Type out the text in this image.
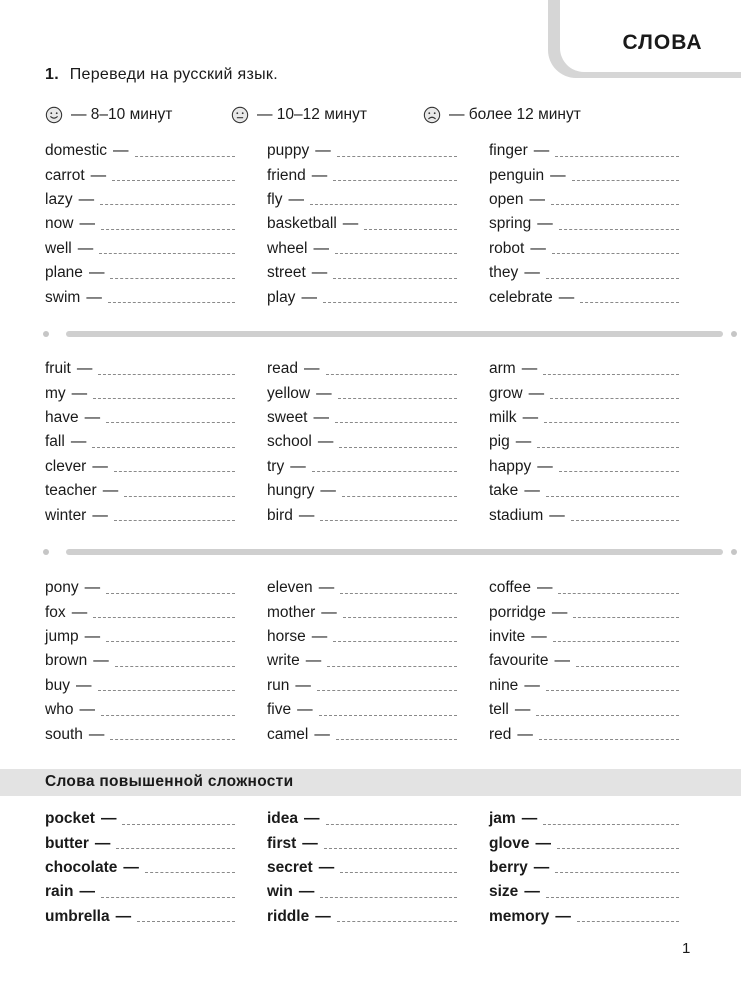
СЛОВА
1. Переведи на русский язык.
— 8–10 минут	— 10–12 минут	— более 12 минут
domestic —
carrot —
lazy —
now —
well —
plane —
swim —
puppy —
friend —
fly —
basketball —
wheel —
street —
play —
finger —
penguin —
open —
spring —
robot —
they —
celebrate —
fruit —
my —
have —
fall —
clever —
teacher —
winter —
read —
yellow —
sweet —
school —
try —
hungry —
bird —
arm —
grow —
milk —
pig —
happy —
take —
stadium —
pony —
fox —
jump —
brown —
buy —
who —
south —
eleven —
mother —
horse —
write —
run —
five —
camel —
coffee —
porridge —
invite —
favourite —
nine —
tell —
red —
Слова повышенной сложности
pocket —
butter —
chocolate —
rain —
umbrella —
idea —
first —
secret —
win —
riddle —
jam —
glove —
berry —
size —
memory —
1
